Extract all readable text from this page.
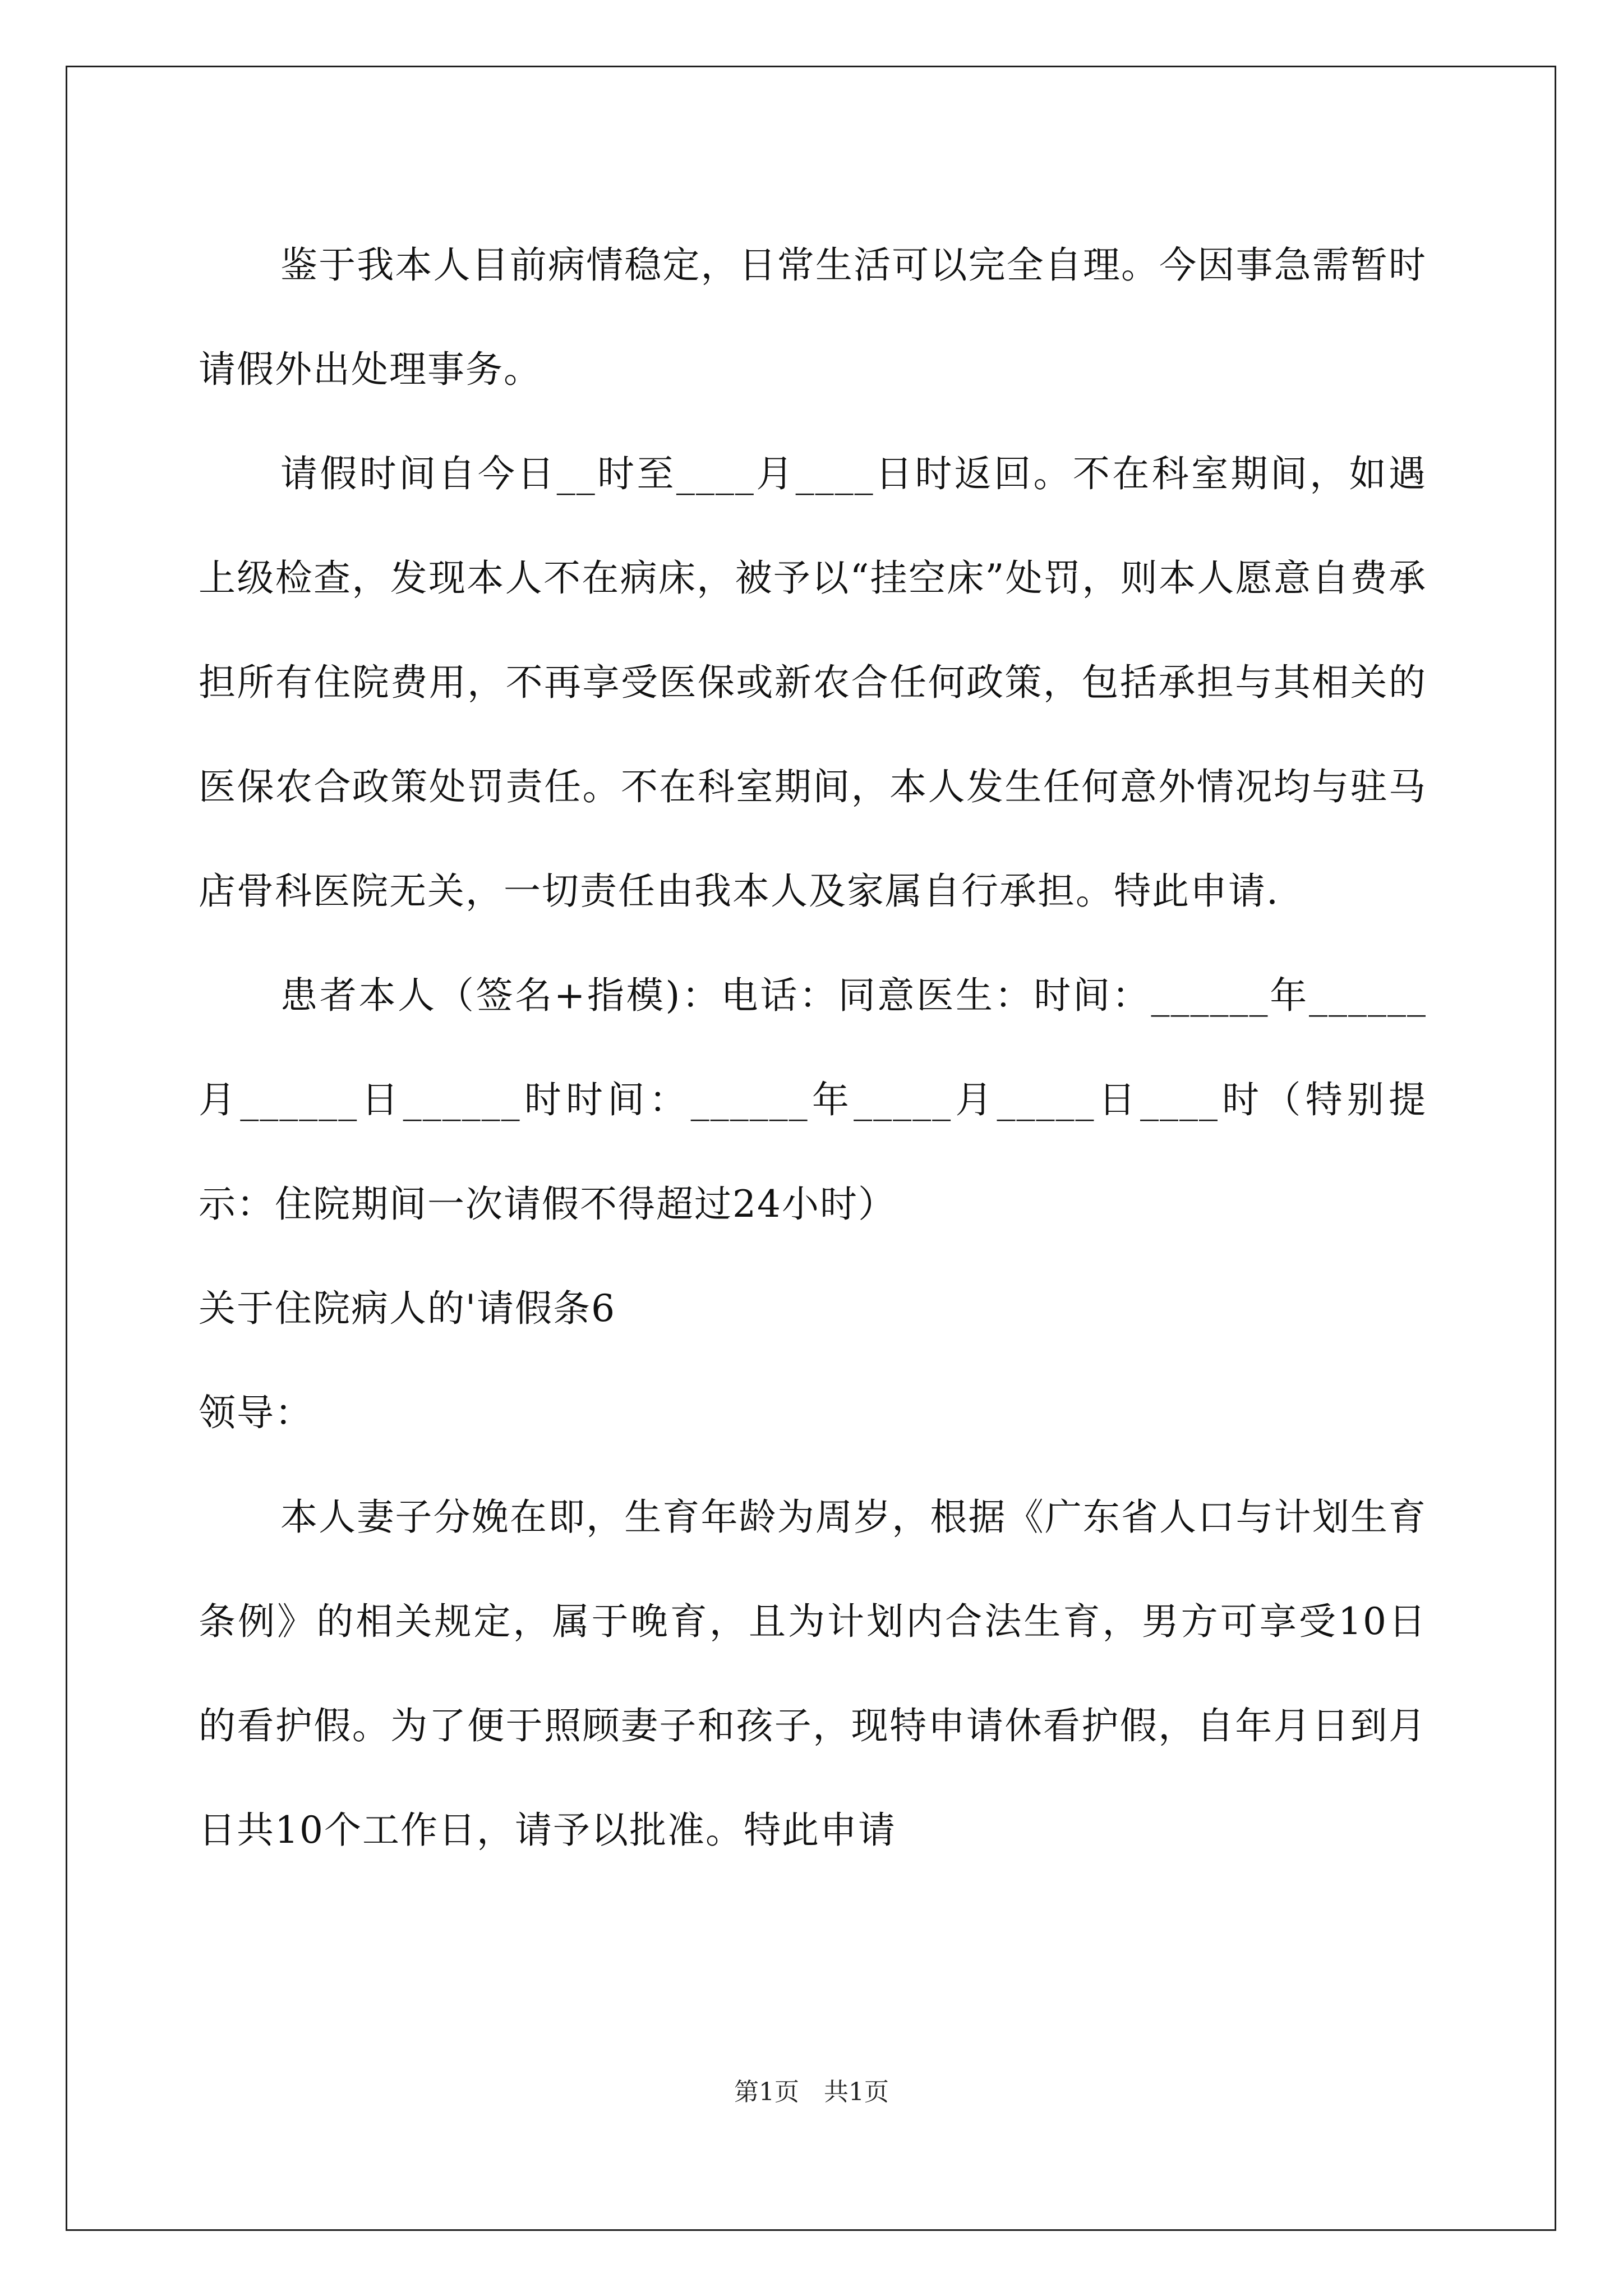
鉴于我本人目前病情稳定，日常生活可以完全自理。今因事急需暂时请假外出处理事务。

请假时间自今日__时至____月____日时返回。不在科室期间，如遇上级检查，发现本人不在病床，被予以“挂空床”处罚，则本人愿意自费承担所有住院费用，不再享受医保或新农合任何政策，包括承担与其相关的医保农合政策处罚责任。不在科室期间，本人发生任何意外情况均与驻马店骨科医院无关，一切责任由我本人及家属自行承担。特此申请.

患者本人（签名+指模)：电话：同意医生：时间：______年______月______日______时时间：______年_____月_____日____时（特别提示：住院期间一次请假不得超过24小时）

关于住院病人的'请假条6

领导：

本人妻子分娩在即，生育年龄为周岁，根据《广东省人口与计划生育条例》的相关规定，属于晚育，且为计划内合法生育，男方可享受10日的看护假。为了便于照顾妻子和孩子，现特申请休看护假，自年月日到月日共10个工作日，请予以批准。特此申请

第1页　共1页
